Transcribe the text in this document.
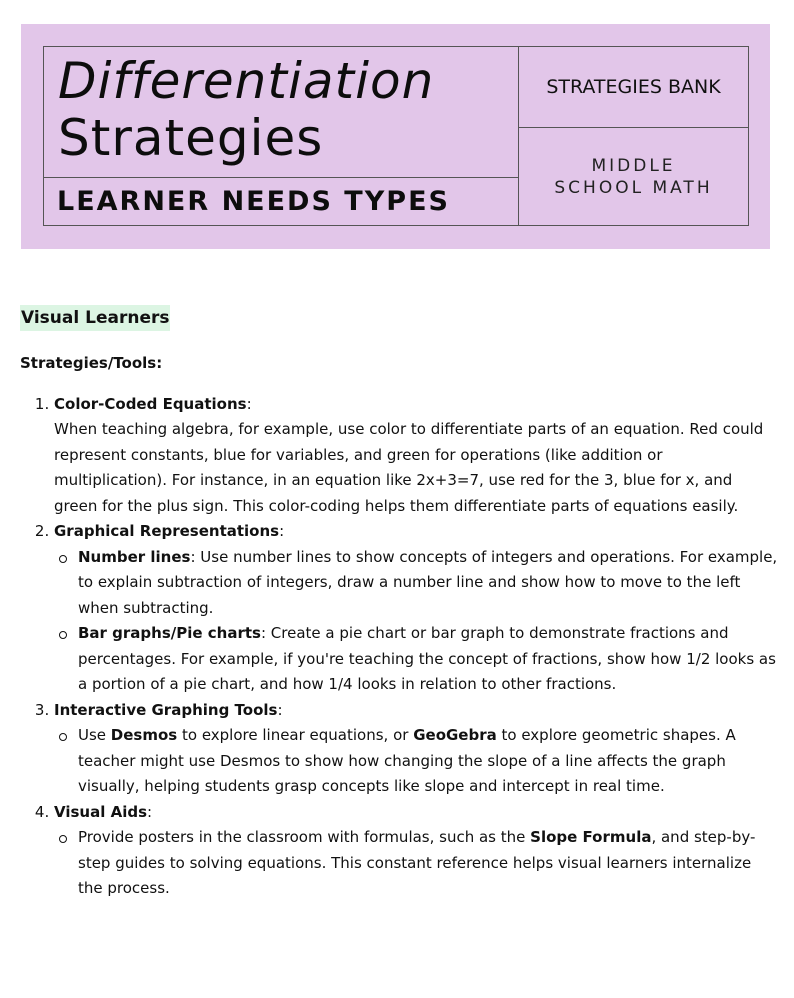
Differentiation
Strategies
LEARNER NEEDS TYPES
STRATEGIES BANK
MIDDLE
SCHOOL MATH
Visual Learners
Strategies/Tools:
1. Color-Coded Equations:
When teaching algebra, for example, use color to differentiate parts of an equation. Red could represent constants, blue for variables, and green for operations (like addition or multiplication). For instance, in an equation like 2x+3=7, use red for the 3, blue for x, and green for the plus sign. This color-coding helps them differentiate parts of equations easily.
2. Graphical Representations:
Number lines: Use number lines to show concepts of integers and operations. For example, to explain subtraction of integers, draw a number line and show how to move to the left when subtracting.
Bar graphs/Pie charts: Create a pie chart or bar graph to demonstrate fractions and percentages. For example, if you're teaching the concept of fractions, show how 1/2 looks as a portion of a pie chart, and how 1/4 looks in relation to other fractions.
3. Interactive Graphing Tools:
Use Desmos to explore linear equations, or GeoGebra to explore geometric shapes. A teacher might use Desmos to show how changing the slope of a line affects the graph visually, helping students grasp concepts like slope and intercept in real time.
4. Visual Aids:
Provide posters in the classroom with formulas, such as the Slope Formula, and step-by-step guides to solving equations. This constant reference helps visual learners internalize the process.
